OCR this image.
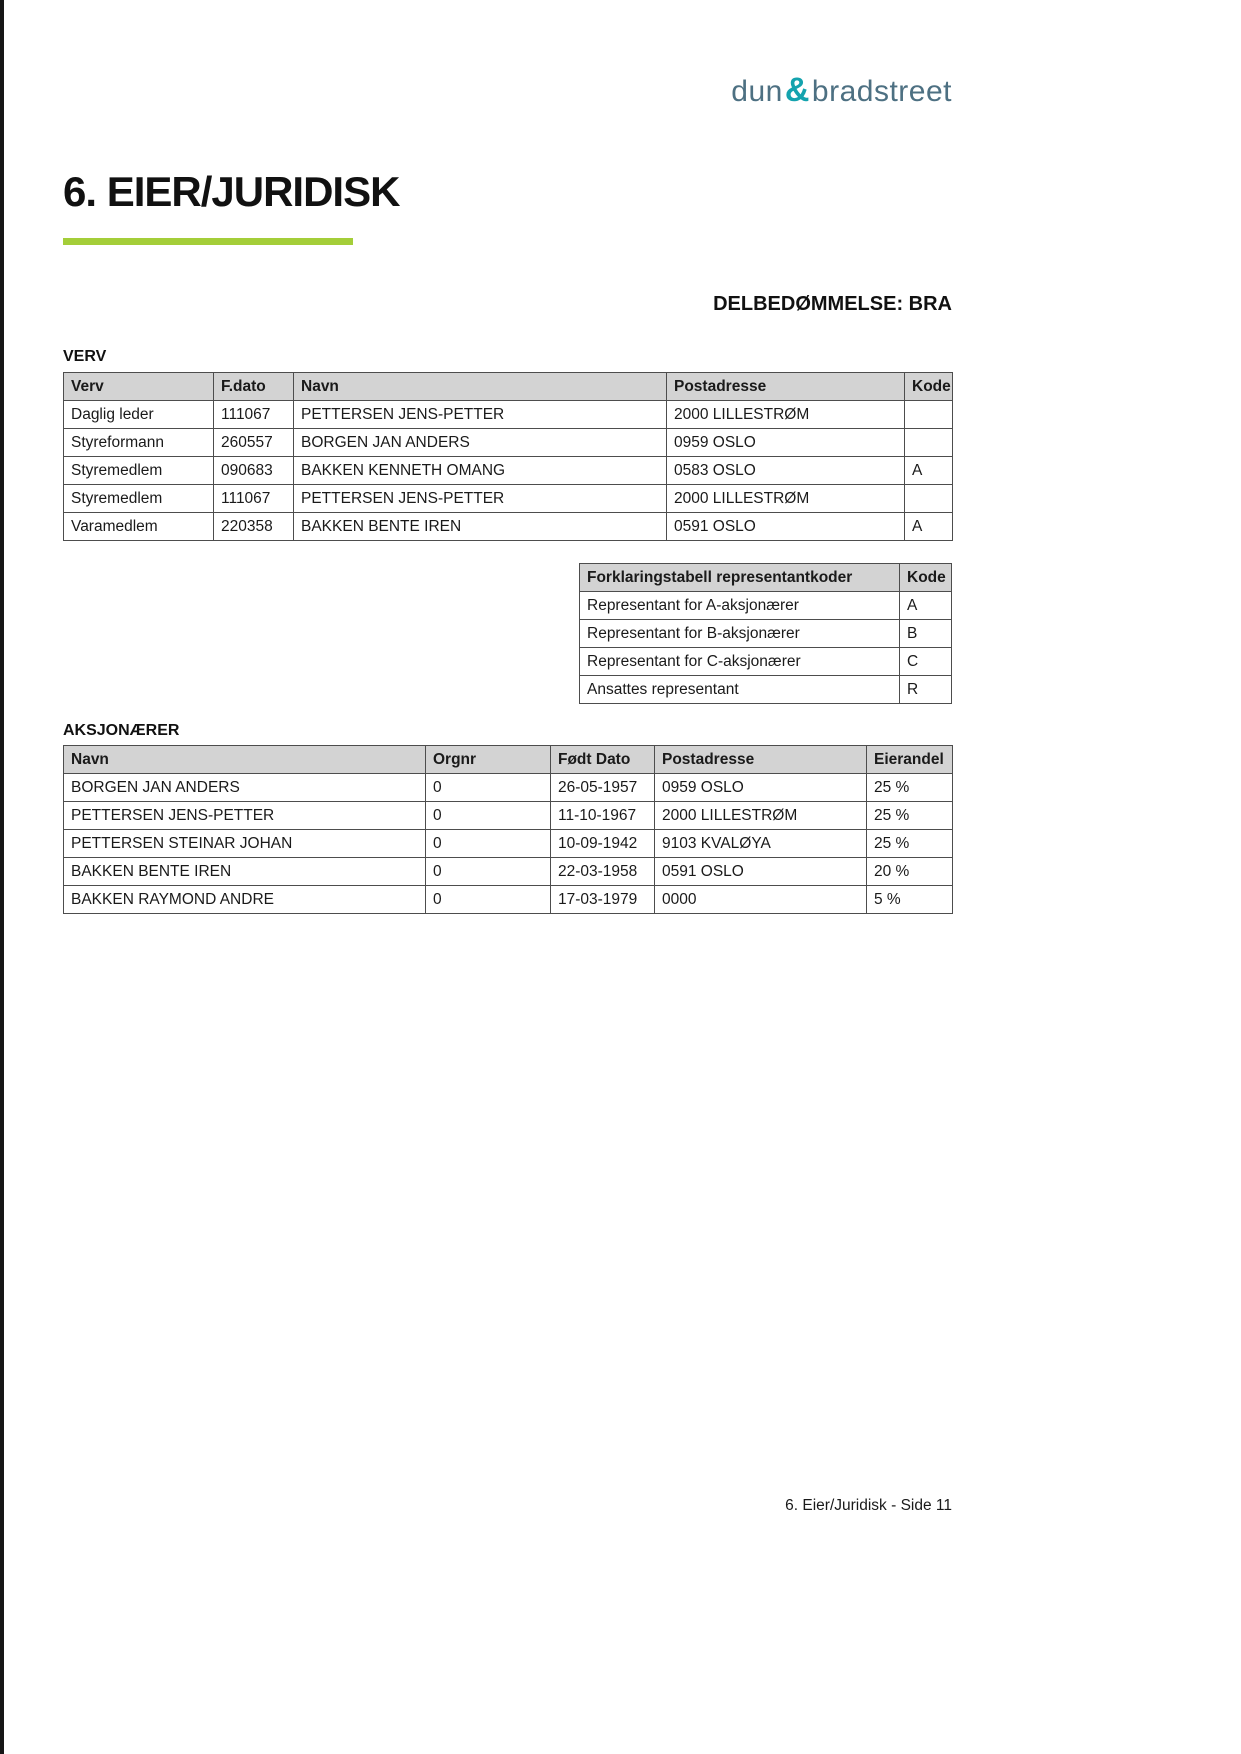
dun&bradstreet
6. EIER/JURIDISK
DELBEDØMMELSE: BRA
VERV
Verv	F.dato	Navn	Postadresse	Kode
Daglig leder	111067	PETTERSEN JENS-PETTER	2000 LILLESTRØM	
Styreformann	260557	BORGEN JAN ANDERS	0959 OSLO	
Styremedlem	090683	BAKKEN KENNETH OMANG	0583 OSLO	A
Styremedlem	111067	PETTERSEN JENS-PETTER	2000 LILLESTRØM	
Varamedlem	220358	BAKKEN BENTE IREN	0591 OSLO	A
Forklaringstabell representantkoder	Kode
Representant for A-aksjonærer	A
Representant for B-aksjonærer	B
Representant for C-aksjonærer	C
Ansattes representant	R
AKSJONÆRER
Navn	Orgnr	Født Dato	Postadresse	Eierandel
BORGEN JAN ANDERS	0	26-05-1957	0959 OSLO	25 %
PETTERSEN JENS-PETTER	0	11-10-1967	2000 LILLESTRØM	25 %
PETTERSEN STEINAR JOHAN	0	10-09-1942	9103 KVALØYA	25 %
BAKKEN BENTE IREN	0	22-03-1958	0591 OSLO	20 %
BAKKEN RAYMOND ANDRE	0	17-03-1979	0000	5 %
6. Eier/Juridisk - Side 11
